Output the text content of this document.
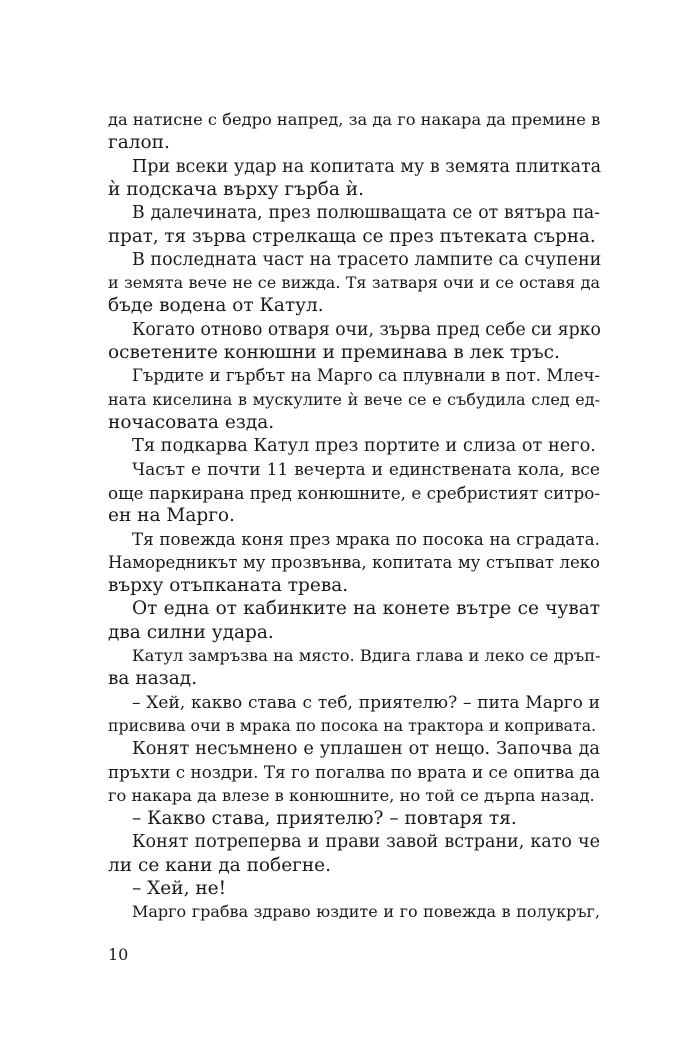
да натисне с бедро напред, за да го накара да премине в
галоп.
При всеки удар на копитата му в земята плитката
ѝ подскача върху гърба ѝ.
В далечината, през полюшващата се от вятъра па-
прат, тя зърва стрелкаща се през пътеката сърна.
В последната част на трасето лампите са счупени
и земята вече не се вижда. Тя затваря очи и се оставя да
бъде водена от Катул.
Когато отново отваря очи, зърва пред себе си ярко
осветените конюшни и преминава в лек тръс.
Гърдите и гърбът на Марго са плувнали в пот. Млеч-
ната киселина в мускулите ѝ вече се е събудила след ед-
ночасовата езда.
Тя подкарва Катул през портите и слиза от него.
Часът е почти 11 вечерта и единствената кола, все
още паркирана пред конюшните, е сребристият ситро-
ен на Марго.
Тя повежда коня през мрака по посока на сградата.
Наморедникът му прозвънва, копитата му стъпват леко
върху отъпканата трева.
От една от кабинките на конете вътре се чуват
два силни удара.
Катул замръзва на място. Вдига глава и леко се дръп-
ва назад.
– Хей, какво става с теб, приятелю? – пита Марго и
присвива очи в мрака по посока на трактора и копривата.
Конят несъмнено е уплашен от нещо. Започва да
пръхти с ноздри. Тя го погалва по врата и се опитва да
го накара да влезе в конюшните, но той се дърпа назад.
– Какво става, приятелю? – повтаря тя.
Конят потреперва и прави завой встрани, като че
ли се кани да побегне.
– Хей, не!
Марго грабва здраво юздите и го повежда в полукръг,
10
